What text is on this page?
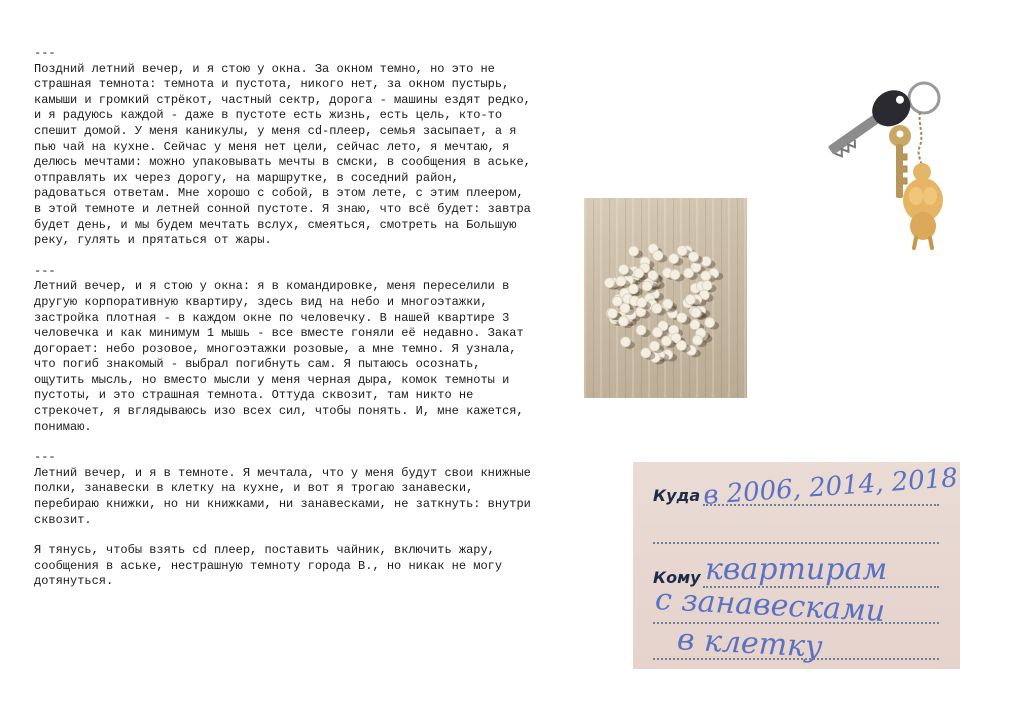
---

Поздний летний вечер, и я стою у окна. За окном темно, но это не страшная темнота: темнота и пустота, никого нет, за окном пустырь, камыши и громкий стрёкот, частный сектр, дорога - машины ездят редко, и я радуюсь каждой - даже в пустоте есть жизнь, есть цель, кто-то спешит домой. У меня каникулы, у меня cd-плеер, семья засыпает, а я пью чай на кухне. Сейчас у меня нет цели, сейчас лето, я мечтаю, я делюсь мечтами: можно упаковывать мечты в смски, в сообщения в аське, отправлять их через дорогу, на маршрутке, в соседний район, радоваться ответам. Мне хорошо с собой, в этом лете, с этим плеером, в этой темноте и летней сонной пустоте. Я знаю, что всё будет: завтра будет день, и мы будем мечтать вслух, смеяться, смотреть на Большую реку, гулять и прятаться от жары.

---

Летний вечер, и я стою у окна: я в командировке, меня переселили в другую корпоративную квартиру, здесь вид на небо и многоэтажки, застройка плотная - в каждом окне по человечку. В нашей квартире 3 человечка и как минимум 1 мышь - все вместе гоняли её недавно. Закат догорает: небо розовое, многоэтажки розовые, а мне темно. Я узнала, что погиб знакомый - выбрал погибнуть сам. Я пытаюсь осознать, ощутить мысль, но вместо мысли у меня черная дыра, комок темноты и пустоты, и это страшная темнота. Оттуда сквозит, там никто не стрекочет, я вглядываюсь изо всех сил, чтобы понять. И, мне кажется, понимаю.

---

Летний вечер, и я в темноте. Я мечтала, что у меня будут свои книжные полки, занавески в клетку на кухне, и вот я трогаю занавески, перебираю книжки, но ни книжками, ни занавесками, не заткнуть: внутри сквозит.

Я тянусь, чтобы взять cd плеер, поставить чайник, включить жару, сообщения в аське, нестрашную темноту города В., но никак не могу дотянуться.

Куда в 2006, 2014, 2018
Кому квартирам
с занавесками
в клетку
